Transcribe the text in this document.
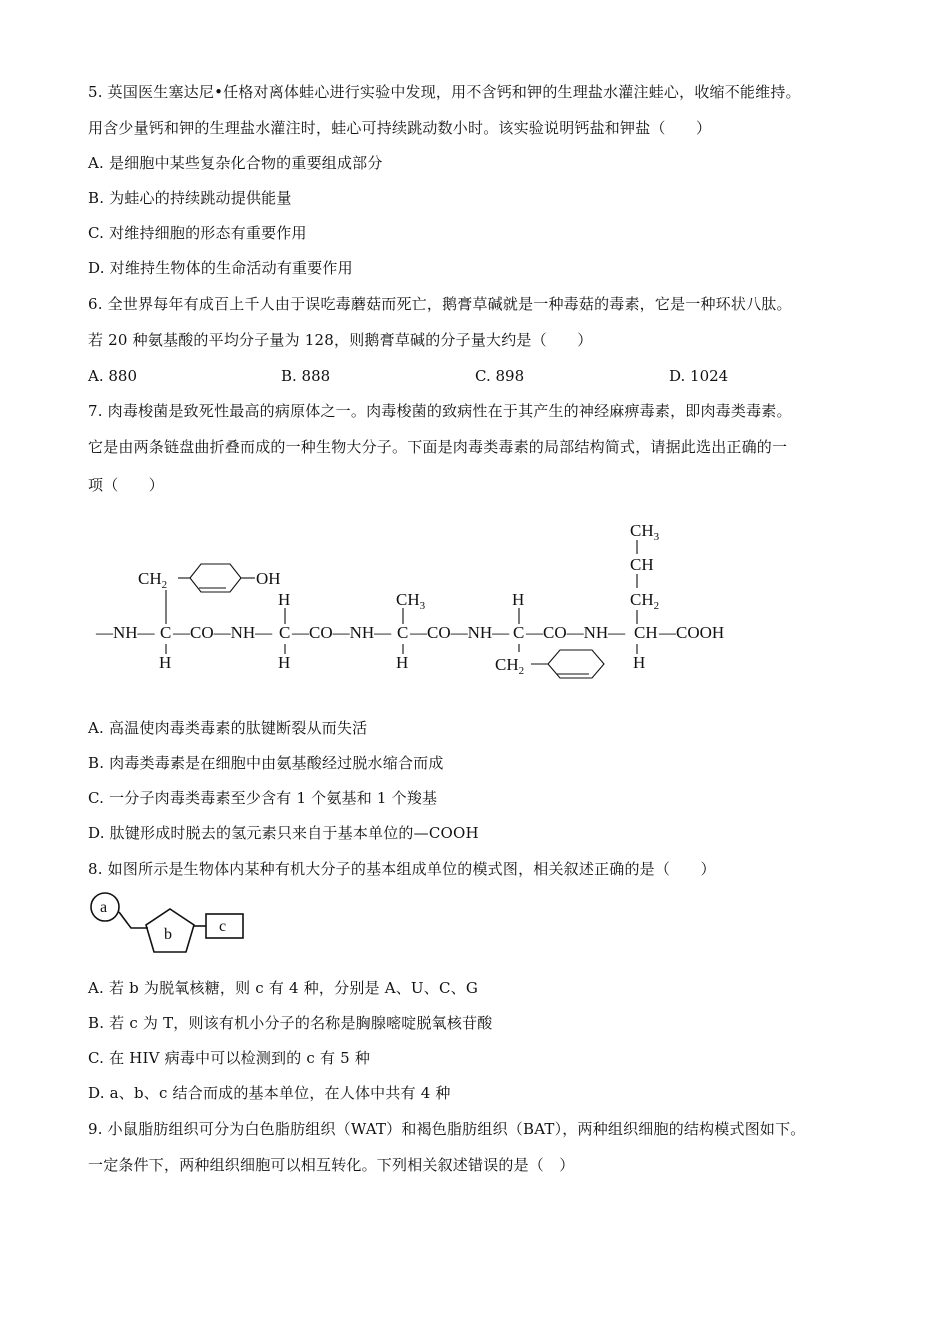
5. 英国医生塞达尼•任格对离体蛙心进行实验中发现，用不含钙和钾的生理盐水灌注蛙心，收缩不能维持。
用含少量钙和钾的生理盐水灌注时，蛙心可持续跳动数小时。该实验说明钙盐和钾盐（　　）
A. 是细胞中某些复杂化合物的重要组成部分
B. 为蛙心的持续跳动提供能量
C. 对维持细胞的形态有重要作用
D. 对维持生物体的生命活动有重要作用
6. 全世界每年有成百上千人由于误吃毒蘑菇而死亡，鹅膏草碱就是一种毒菇的毒素，它是一种环状八肽。
若 20 种氨基酸的平均分子量为 128，则鹅膏草碱的分子量大约是（　　）
A. 880	B. 888	C. 898	D. 1024
7. 肉毒梭菌是致死性最高的病原体之一。肉毒梭菌的致病性在于其产生的神经麻痹毒素，即肉毒类毒素。
它是由两条链盘曲折叠而成的一种生物大分子。下面是肉毒类毒素的局部结构简式，请据此选出正确的一
项（　　）
$CH_2$	OH
—NH— C —CO—NH— C —CO—NH— C —CO—NH— C —CO—NH— CH —COOH
H
H
H	H
H
H
$CH_3$
$CH_2$
$CH_3$
CH
$CH_2$
A. 高温使肉毒类毒素的肽键断裂从而失活
B. 肉毒类毒素是在细胞中由氨基酸经过脱水缩合而成
C. 一分子肉毒类毒素至少含有 1 个氨基和 1 个羧基
D. 肽键形成时脱去的氢元素只来自于基本单位的—COOH
8. 如图所示是生物体内某种有机大分子的基本组成单位的模式图，相关叙述正确的是（　　）
a
b	c
A. 若 b 为脱氧核糖，则 c 有 4 种，分别是 A、U、C、G
B. 若 c 为 T，则该有机小分子的名称是胸腺嘧啶脱氧核苷酸
C. 在 HIV 病毒中可以检测到的 c 有 5 种
D. a、b、c 结合而成的基本单位，在人体中共有 4 种
9. 小鼠脂肪组织可分为白色脂肪组织（WAT）和褐色脂肪组织（BAT），两种组织细胞的结构模式图如下。
一定条件下，两种组织细胞可以相互转化。下列相关叙述错误的是（　）
